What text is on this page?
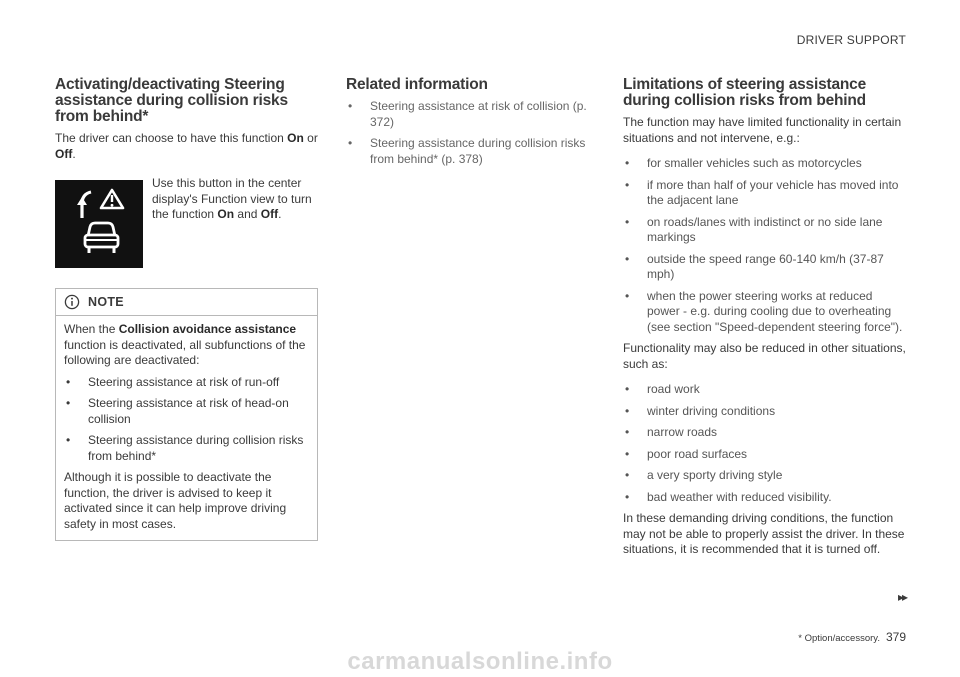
DRIVER SUPPORT
Activating/deactivating Steering assistance during collision risks from behind*

The driver can choose to have this function On or Off.

Use this button in the center display's Function view to turn the function On and Off.

NOTE

When the Collision avoidance assistance function is deactivated, all subfunctions of the following are deactivated:

• Steering assistance at risk of run-off
• Steering assistance at risk of head-on collision
• Steering assistance during collision risks from behind*

Although it is possible to deactivate the function, the driver is advised to keep it activated since it can help improve driving safety in most cases.

Related information
• Steering assistance at risk of collision (p. 372)
• Steering assistance during collision risks from behind* (p. 378)
Limitations of steering assistance during collision risks from behind

The function may have limited functionality in certain situations and not intervene, e.g.:

• for smaller vehicles such as motorcycles
• if more than half of your vehicle has moved into the adjacent lane
• on roads/lanes with indistinct or no side lane markings
• outside the speed range 60-140 km/h (37-87 mph)
• when the power steering works at reduced power - e.g. during cooling due to overheating (see section "Speed-dependent steering force").

Functionality may also be reduced in other situations, such as:

• road work
• winter driving conditions
• narrow roads
• poor road surfaces
• a very sporty driving style
• bad weather with reduced visibility.

In these demanding driving conditions, the function may not be able to properly assist the driver. In these situations, it is recommended that it is turned off.

▸▸
* Option/accessory. 379
carmanualsonline.info
